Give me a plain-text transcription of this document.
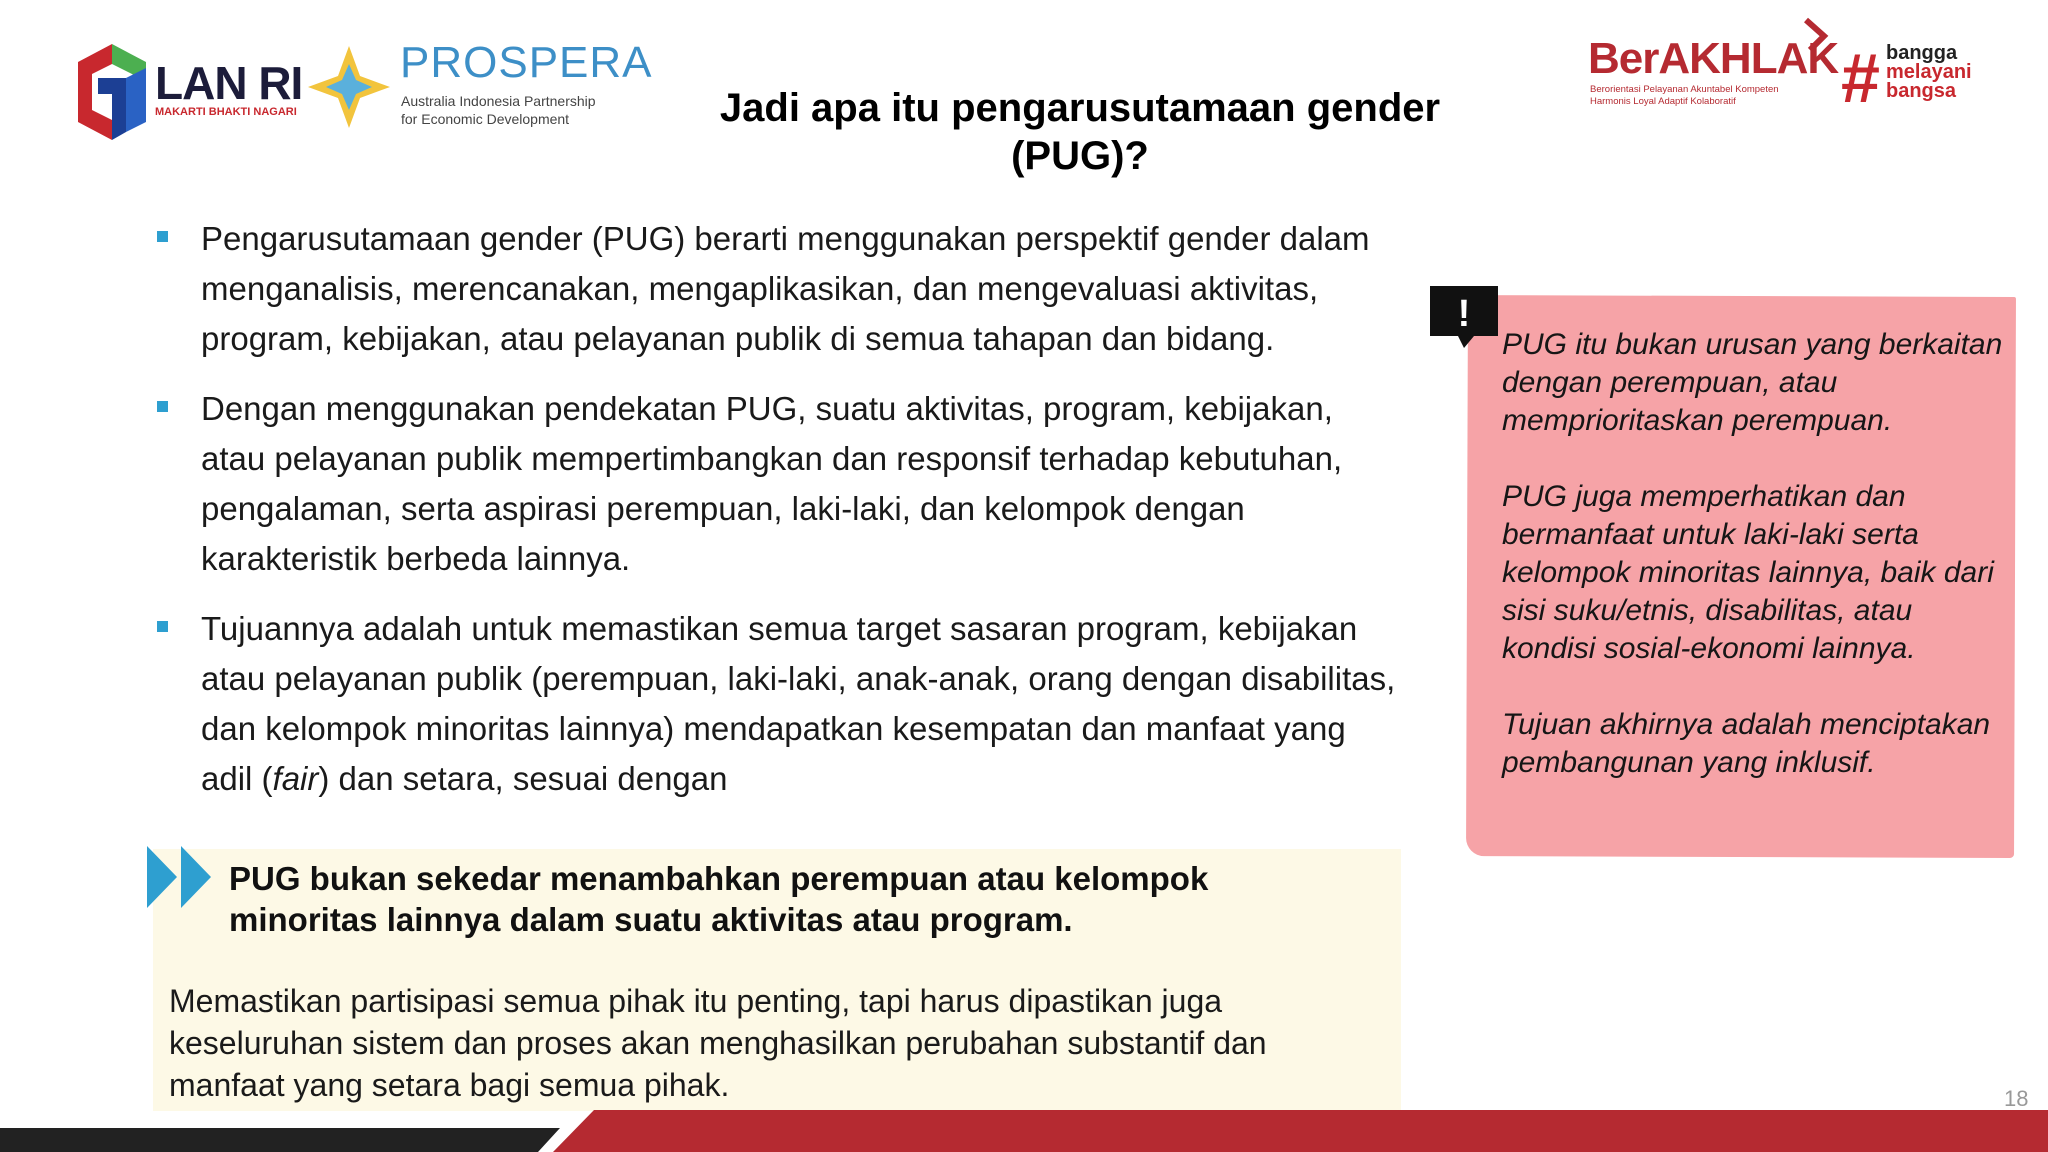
LAN RI
MAKARTI BHAKTI NAGARI
PROSPERA
Australia Indonesia Partnership
for Economic Development
BerAKHLAK
Berorientasi Pelayanan Akuntabel Kompeten
Harmonis Loyal Adaptif Kolaboratif # bangga
melayani
bangsa
Jadi apa itu pengarusutamaan gender
(PUG)?
Pengarusutamaan gender (PUG) berarti menggunakan perspektif gender dalam menganalisis, merencanakan, mengaplikasikan, dan mengevaluasi aktivitas, program, kebijakan, atau pelayanan publik di semua tahapan dan bidang.
Dengan menggunakan pendekatan PUG, suatu aktivitas, program, kebijakan, atau pelayanan publik mempertimbangkan dan responsif terhadap kebutuhan, pengalaman, serta aspirasi perempuan, laki-laki, dan kelompok dengan karakteristik berbeda lainnya.
Tujuannya adalah untuk memastikan semua target sasaran program, kebijakan atau pelayanan publik (perempuan, laki-laki, anak-anak, orang dengan disabilitas, dan kelompok minoritas lainnya) mendapatkan kesempatan dan manfaat yang adil (fair) dan setara, sesuai dengan
PUG bukan sekedar menambahkan perempuan atau kelompok
minoritas lainnya dalam suatu aktivitas atau program.
Memastikan partisipasi semua pihak itu penting, tapi harus dipastikan juga keseluruhan sistem dan proses akan menghasilkan perubahan substantif dan manfaat yang setara bagi semua pihak.
!

PUG itu bukan urusan yang berkaitan dengan perempuan, atau memprioritaskan perempuan.

PUG juga memperhatikan dan bermanfaat untuk laki-laki serta kelompok minoritas lainnya, baik dari sisi suku/etnis, disabilitas, atau kondisi sosial-ekonomi lainnya.

Tujuan akhirnya adalah menciptakan pembangunan yang inklusif.

18
